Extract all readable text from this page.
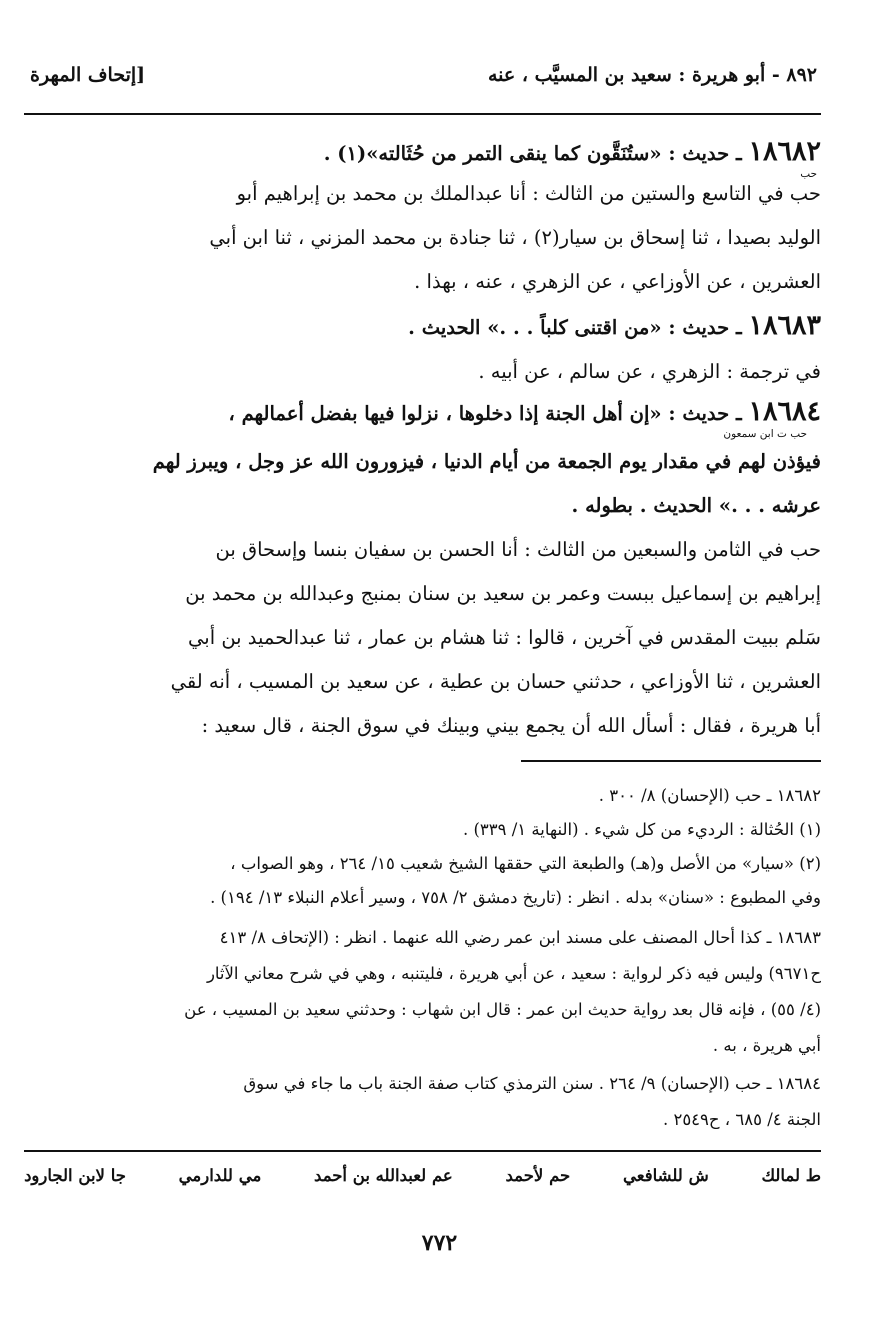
٨٩٢ - أبو هريرة : سعيد بن المسيَّب ، عنه
[إتحاف المهرة
١٨٦٨٢ ـ حديث : «ستُنَقَّون كما ينقى التمر من حُثَالته»(١) .
حب
حب في التاسع والستين من الثالث : أنا عبدالملك بن محمد بن إبراهيم أبو
الوليد بصيدا ، ثنا إسحاق بن سيار(٢) ، ثنا جنادة بن محمد المزني ، ثنا ابن أبي
العشرين ، عن الأوزاعي ، عن الزهري ، عنه ، بهذا .
١٨٦٨٣ ـ حديث : «من اقتنى كلباً . . .» الحديث .
في ترجمة : الزهري ، عن سالم ، عن أبيه .
١٨٦٨٤ ـ حديث : «إن أهل الجنة إذا دخلوها ، نزلوا فيها بفضل أعمالهم ،
حب ت ابن سمعون
فيؤذن لهم في مقدار يوم الجمعة من أيام الدنيا ، فيزورون الله عز وجل ، ويبرز لهم
عرشه . . .» الحديث . بطوله .
حب في الثامن والسبعين من الثالث : أنا الحسن بن سفيان بنسا وإسحاق بن
إبراهيم بن إسماعيل ببست وعمر بن سعيد بن سنان بمنبج وعبدالله بن محمد بن
سَلم ببيت المقدس في آخرين ، قالوا : ثنا هشام بن عمار ، ثنا عبدالحميد بن أبي
العشرين ، ثنا الأوزاعي ، حدثني حسان بن عطية ، عن سعيد بن المسيب ، أنه لقي
أبا هريرة ، فقال : أسأل الله أن يجمع بيني وبينك في سوق الجنة ، قال سعيد :
١٨٦٨٢ ـ حب (الإحسان) ٨/ ٣٠٠ .
(١) الحُثالة : الرديء من كل شيء . (النهاية ١/ ٣٣٩) .
(٢) «سيار» من الأصل و(هـ) والطبعة التي حققها الشيخ شعيب ١٥/ ٢٦٤ ، وهو الصواب ،
وفي المطبوع : «سنان» بدله . انظر : (تاريخ دمشق ٢/ ٧٥٨ ، وسير أعلام النبلاء ١٣/ ١٩٤) .
١٨٦٨٣ ـ كذا أحال المصنف على مسند ابن عمر رضي الله عنهما . انظر : (الإتحاف ٨/ ٤١٣
ح٩٦٧١) وليس فيه ذكر لرواية : سعيد ، عن أبي هريرة ، فليتنبه ، وهي في شرح معاني الآثار
(٤/ ٥٥) ، فإنه قال بعد رواية حديث ابن عمر : قال ابن شهاب : وحدثني سعيد بن المسيب ، عن
أبي هريرة ، به .
١٨٦٨٤ ـ حب (الإحسان) ٩/ ٢٦٤ . سنن الترمذي كتاب صفة الجنة باب ما جاء في سوق
الجنة ٤/ ٦٨٥ ، ح٢٥٤٩ .
ط لمالك
ش للشافعي
حم لأحمد
عم لعبدالله بن أحمد
مي للدارمي
جا لابن الجارود
٧٧٢
